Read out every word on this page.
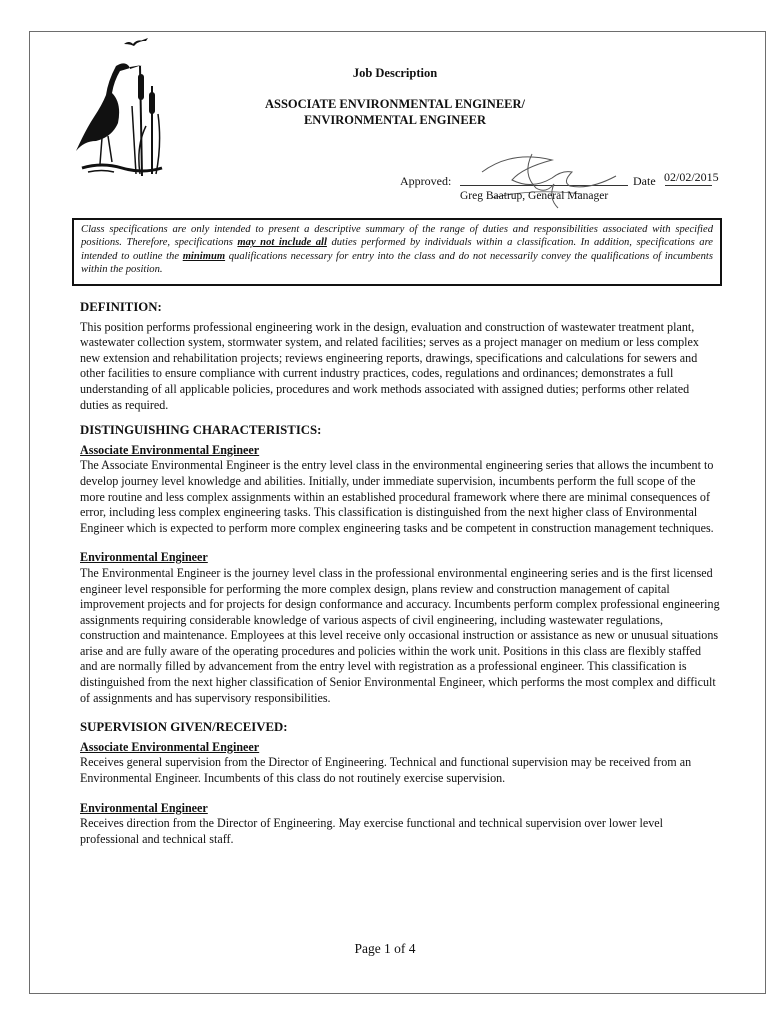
Job Description
ASSOCIATE ENVIRONMENTAL ENGINEER/
ENVIRONMENTAL ENGINEER
Approved:	Date 02/02/2015
Greg Baatrup, General Manager
Class specifications are only intended to present a descriptive summary of the range of duties and responsibilities associated with specified positions. Therefore, specifications may not include all duties performed by individuals within a classification. In addition, specifications are intended to outline the minimum qualifications necessary for entry into the class and do not necessarily convey the qualifications of incumbents within the position.
DEFINITION:

This position performs professional engineering work in the design, evaluation and construction of wastewater treatment plant, wastewater collection system, stormwater system, and related facilities; serves as a project manager on medium or less complex new extension and rehabilitation projects; reviews engineering reports, drawings, specifications and calculations for sewers and other facilities to ensure compliance with current industry practices, codes, regulations and ordinances; demonstrates a full understanding of all applicable policies, procedures and work methods associated with assigned duties; performs other related duties as required.

DISTINGUISHING CHARACTERISTICS:

Associate Environmental Engineer

The Associate Environmental Engineer is the entry level class in the environmental engineering series that allows the incumbent to develop journey level knowledge and abilities. Initially, under immediate supervision, incumbents perform the full scope of the more routine and less complex assignments within an established procedural framework where there are minimal consequences of error, including less complex engineering tasks. This classification is distinguished from the next higher class of Environmental Engineer which is expected to perform more complex engineering tasks and be competent in construction management techniques.

Environmental Engineer

The Environmental Engineer is the journey level class in the professional environmental engineering series and is the first licensed engineer level responsible for performing the more complex design, plans review and construction management of capital improvement projects and for projects for design conformance and accuracy. Incumbents perform complex professional engineering assignments requiring considerable knowledge of various aspects of civil engineering, including wastewater regulations, construction and maintenance. Employees at this level receive only occasional instruction or assistance as new or unusual situations arise and are fully aware of the operating procedures and policies within the work unit. Positions in this class are flexibly staffed and are normally filled by advancement from the entry level with registration as a professional engineer. This classification is distinguished from the next higher classification of Senior Environmental Engineer, which performs the most complex and difficult of assignments and has supervisory responsibilities.

SUPERVISION GIVEN/RECEIVED:

Associate Environmental Engineer

Receives general supervision from the Director of Engineering. Technical and functional supervision may be received from an Environmental Engineer. Incumbents of this class do not routinely exercise supervision.

Environmental Engineer

Receives direction from the Director of Engineering. May exercise functional and technical supervision over lower level professional and technical staff.

Page 1 of 4
